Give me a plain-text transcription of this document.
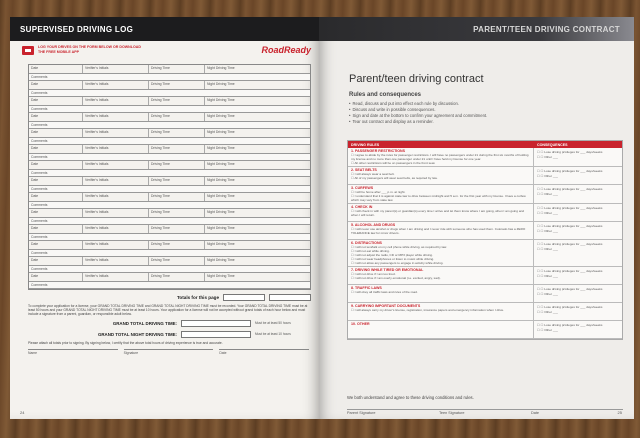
SUPERVISED DRIVING LOG
LOG YOUR DRIVES ON THE FORM BELOW OR DOWNLOAD THE FREE MOBILE APP	RoadReady
Date	Verifier's Initials	Driving Time	Night Driving Time
Comments
Date	Verifier's Initials	Driving Time	Night Driving Time
Comments
Date	Verifier's Initials	Driving Time	Night Driving Time
Comments
Date	Verifier's Initials	Driving Time	Night Driving Time
Comments
Date	Verifier's Initials	Driving Time	Night Driving Time
Comments
Date	Verifier's Initials	Driving Time	Night Driving Time
Comments
Date	Verifier's Initials	Driving Time	Night Driving Time
Comments
Date	Verifier's Initials	Driving Time	Night Driving Time
Comments
Date	Verifier's Initials	Driving Time	Night Driving Time
Comments
Date	Verifier's Initials	Driving Time	Night Driving Time
Comments
Date	Verifier's Initials	Driving Time	Night Driving Time
Comments
Date	Verifier's Initials	Driving Time	Night Driving Time
Comments
Date	Verifier's Initials	Driving Time	Night Driving Time
Comments
Date	Verifier's Initials	Driving Time	Night Driving Time
Comments
Totals for this page

To complete your application for a license, your GRAND TOTAL DRIVING TIME and GRAND TOTAL NIGHT DRIVING TIME must be recorded. Your GRAND TOTAL DRIVING TIME must be at least 50 hours and your GRAND TOTAL NIGHT DRIVING TIME must be at least 10 hours. Your application for a license will not be accepted without grand totals of each hour below and must include a signature from a parent, guardian, or responsible adult below.

GRAND TOTAL DRIVING TIME:	Must be at least 50 hours
GRAND TOTAL NIGHT DRIVING TIME:	Must be at least 10 hours

Please attach all totals prior to signing. By signing below, I certify that the above total hours of driving experience is true and accurate.

Name	Signature	Date
24
PARENT/TEEN DRIVING CONTRACT
Parent/teen driving contract
Rules and consequences
• Read, discuss and put into effect each rule by discussion.
• Discuss and write in possible consequences.
• Sign and date at the bottom to confirm your agreement and commitment.
• Tear out contract and display as a reminder.
DRIVING RULES	CONSEQUENCES
1. PASSENGER RESTRICTIONS
☐ I agree to abide by the rules for passenger restrictions. I will have no passengers under 21 during the first six months of holding my license and no more than one passenger under 21 until I have held my license for one year.
☐ All other restrictions will be on passengers in the front seat.
☐ ☐ Lose driving privileges for ___ days/weeks
☐ ☐ Other ___
2. SEAT BELTS
☐ I will always wear a seat belt.
☐ All of my passengers will wear seat belts, as required by law.
☐ ☐ Lose driving privileges for ___ days/weeks
☐ ☐ Other ___
3. CURFEWS
☐ I will be home after ___ p.m. at night.
☐ I understand that it is against state law to drive between midnight and 5 a.m. for the first year with my license. I have a curfew which may vary from state law.
☐ ☐ Lose driving privileges for ___ days/weeks
☐ ☐ Other ___
4. CHECK IN
☐ I will check in with my parent(s) or guardian(s) every time I arrive and let them know where I am going, when I am going and when I will return.
☐ ☐ Lose driving privileges for ___ days/weeks
☐ ☐ Other ___
5. ALCOHOL AND DRUGS
☐ I will never use alcohol or drugs when I am driving and I never ride with someone who has used them. Colorado has a ZERO TOLERANCE law for minor drivers.
☐ ☐ Lose driving privileges for ___ days/weeks
☐ ☐ Other ___
6. DISTRACTIONS
☐ I will not text/talk on my cell phone while driving, as required by law.
☐ I will not eat while driving.
☐ I will not adjust the radio, CD or MP3 player while driving.
☐ I will not wear headphones or listen to music while driving.
☐ I will not allow any passengers to engage in activity while driving.
☐ ☐ Lose driving privileges for ___ days/weeks
☐ ☐ Other ___
7. DRIVING WHILE TIRED OR EMOTIONAL
☐ I will not drive if I am too tired.
☐ I will not drive if I am overly emotional (i.e. excited, angry, sad).
☐ ☐ Lose driving privileges for ___ days/weeks
☐ ☐ Other ___
8. TRAFFIC LAWS
☐ I will obey all traffic laws and rules of the road.
☐ ☐ Lose driving privileges for ___ days/weeks
☐ ☐ Other ___
9. CARRYING IMPORTANT DOCUMENTS
☐ I will always carry my driver's license, registration, insurance papers and emergency information when I drive.
☐ ☐ Lose driving privileges for ___ days/weeks
☐ ☐ Other ___
10. OTHER
☐	☐ Lose driving privileges for ___ days/weeks
☐ ☐ Other ___

We both understand and agree to these driving conditions and rules.

Parent Signature	Teen Signature	Date	25
